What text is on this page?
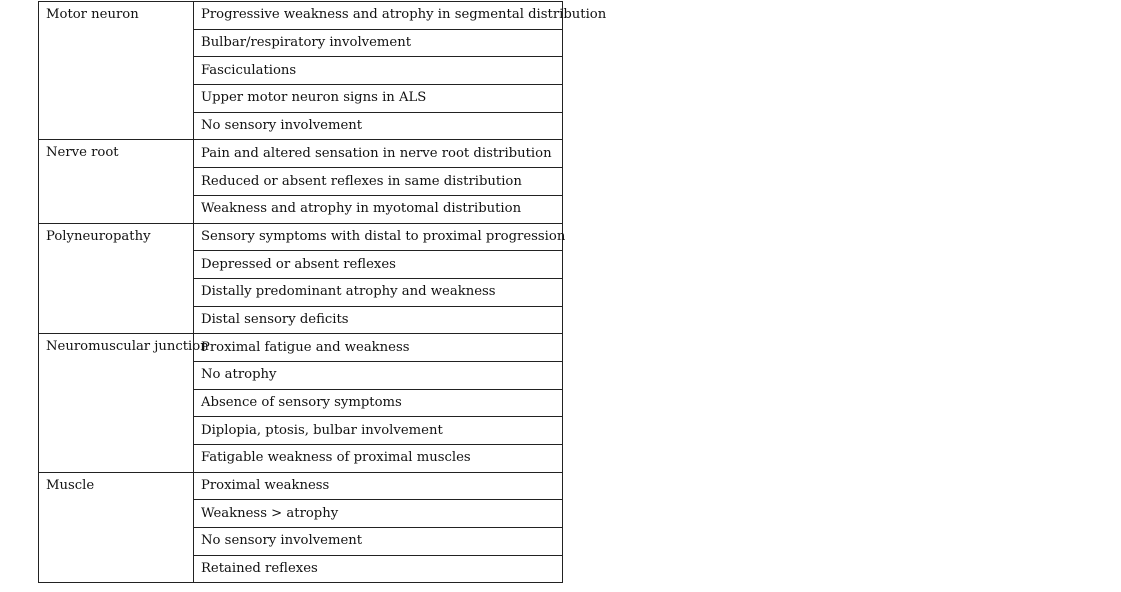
Motor neuron	Progressive weakness and atrophy in segmental distribution
	Bulbar/respiratory involvement
	Fasciculations
	Upper motor neuron signs in ALS
	No sensory involvement
Nerve root	Pain and altered sensation in nerve root distribution
	Reduced or absent reflexes in same distribution
	Weakness and atrophy in myotomal distribution
Polyneuropathy	Sensory symptoms with distal to proximal progression
	Depressed or absent reflexes
	Distally predominant atrophy and weakness
	Distal sensory deficits
Neuromuscular junction	Proximal fatigue and weakness
	No atrophy
	Absence of sensory symptoms
	Diplopia, ptosis, bulbar involvement
	Fatigable weakness of proximal muscles
Muscle	Proximal weakness
	Weakness > atrophy
	No sensory involvement
	Retained reflexes
